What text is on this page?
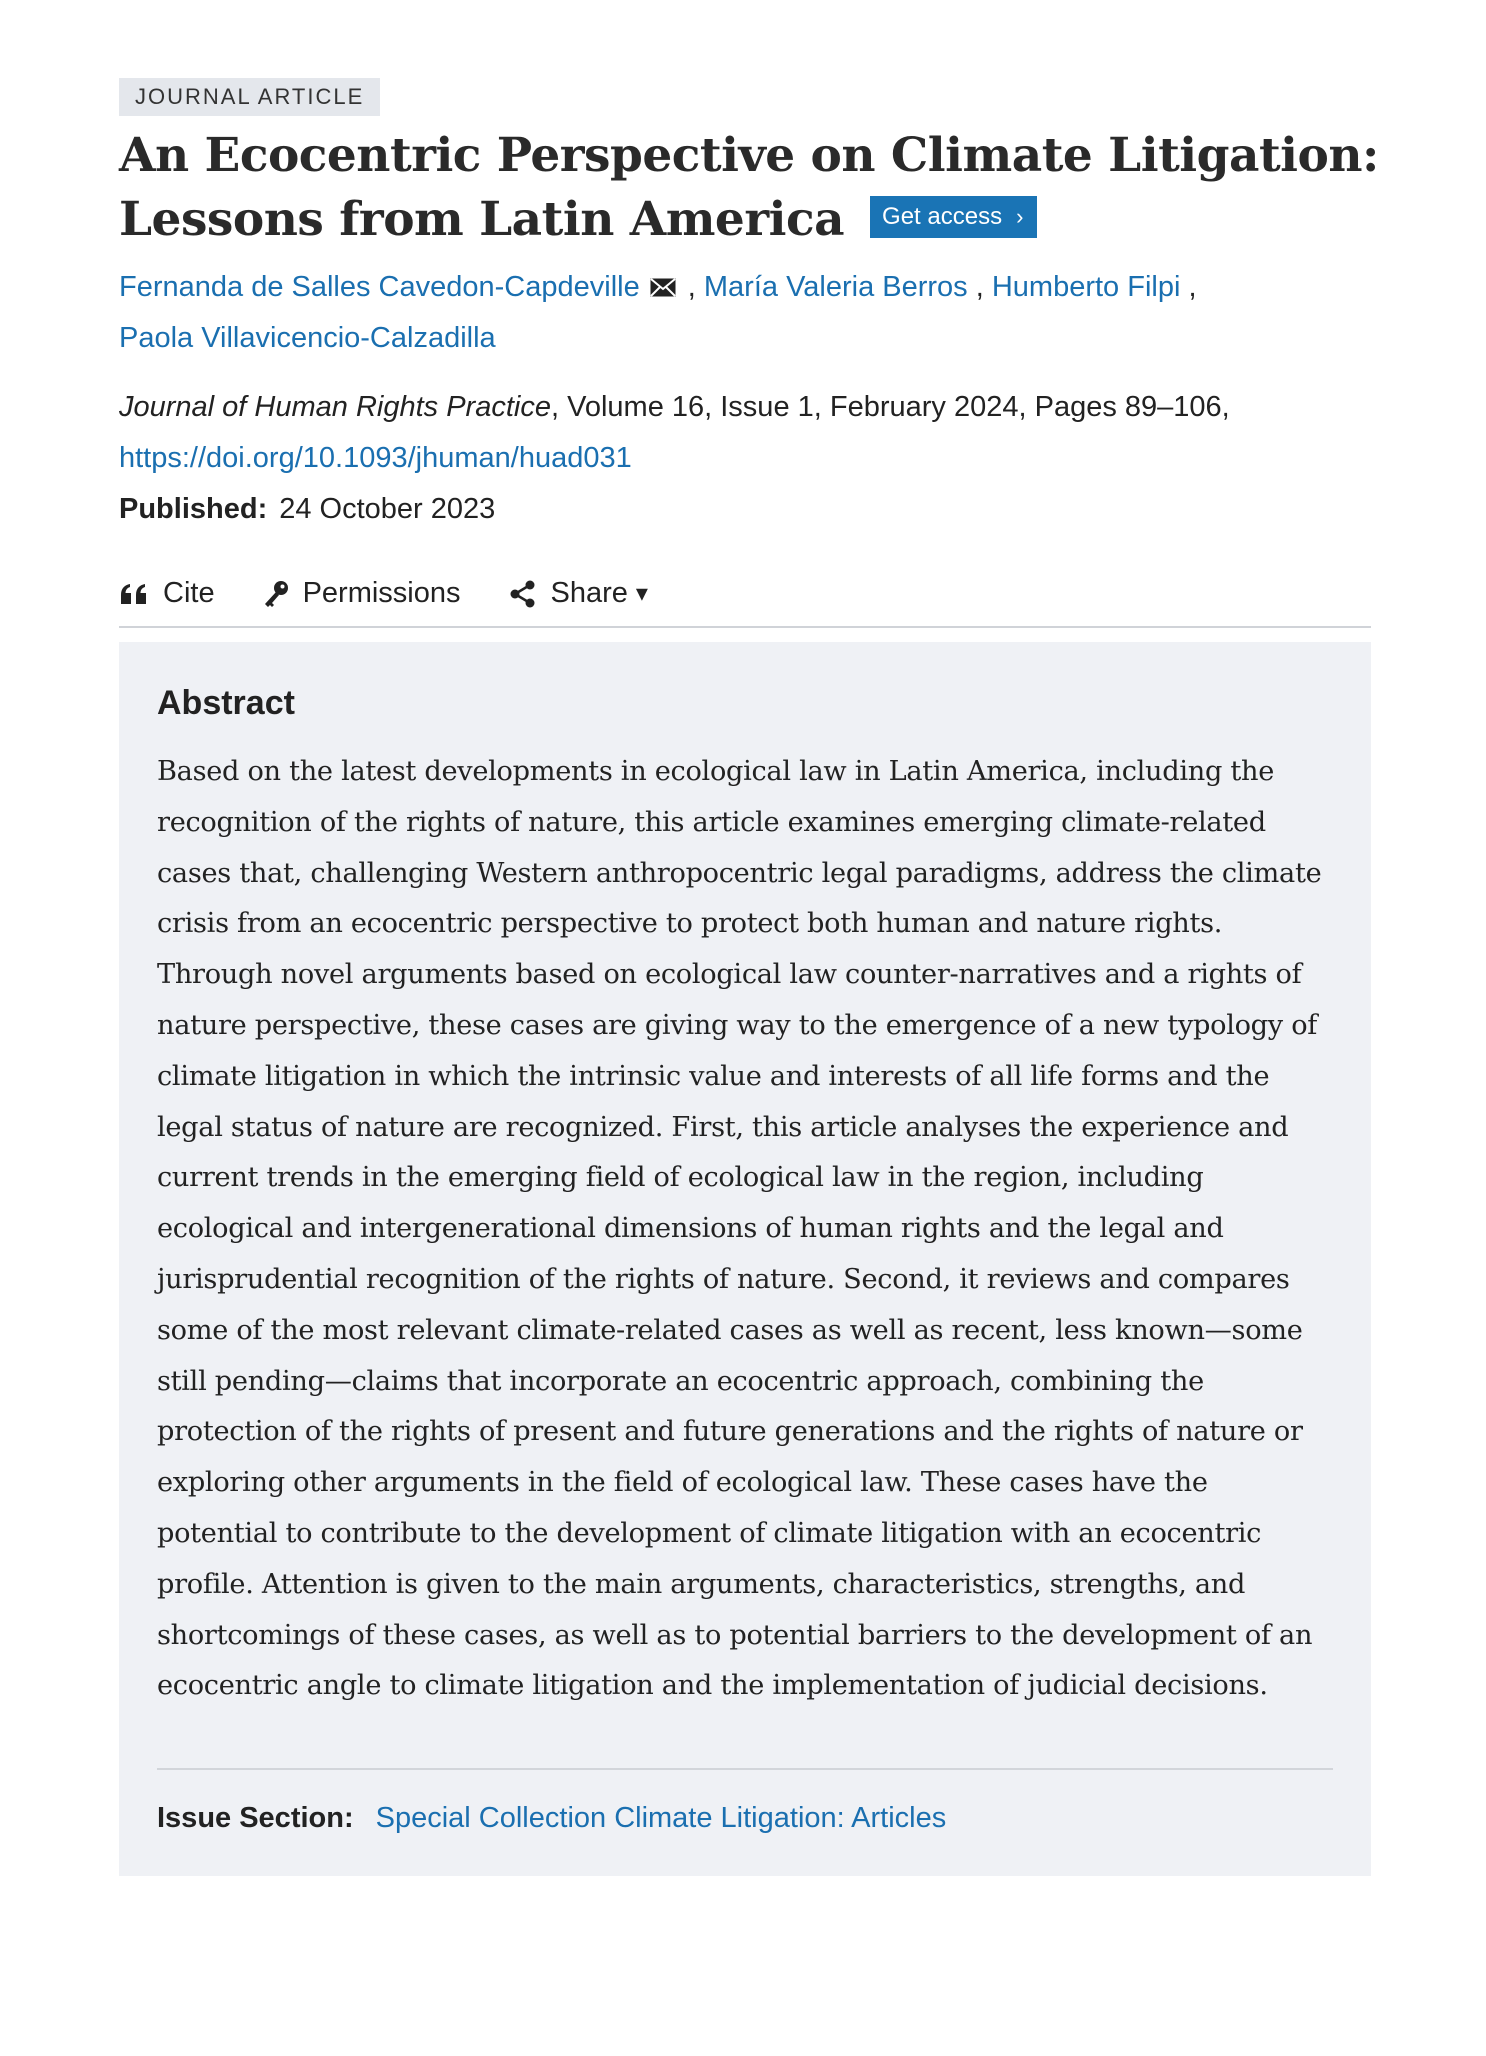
JOURNAL ARTICLE
An Ecocentric Perspective on Climate Litigation:
Lessons from Latin America Get access ›
Fernanda de Salles Cavedon-Capdeville , María Valeria Berros , Humberto Filpi ,
Paola Villavicencio-Calzadilla
Journal of Human Rights Practice, Volume 16, Issue 1, February 2024, Pages 89–106,
https://doi.org/10.1093/jhuman/huad031
Published: 24 October 2023
Cite	Permissions	Share ▾
Abstract

Based on the latest developments in ecological law in Latin America, including the recognition of the rights of nature, this article examines emerging climate-related cases that, challenging Western anthropocentric legal paradigms, address the climate crisis from an ecocentric perspective to protect both human and nature rights. Through novel arguments based on ecological law counter-narratives and a rights of nature perspective, these cases are giving way to the emergence of a new typology of climate litigation in which the intrinsic value and interests of all life forms and the legal status of nature are recognized. First, this article analyses the experience and current trends in the emerging field of ecological law in the region, including ecological and intergenerational dimensions of human rights and the legal and jurisprudential recognition of the rights of nature. Second, it reviews and compares some of the most relevant climate-related cases as well as recent, less known—some still pending—claims that incorporate an ecocentric approach, combining the protection of the rights of present and future generations and the rights of nature or exploring other arguments in the field of ecological law. These cases have the potential to contribute to the development of climate litigation with an ecocentric profile. Attention is given to the main arguments, characteristics, strengths, and shortcomings of these cases, as well as to potential barriers to the development of an ecocentric angle to climate litigation and the implementation of judicial decisions.

Issue Section: Special Collection Climate Litigation: Articles
